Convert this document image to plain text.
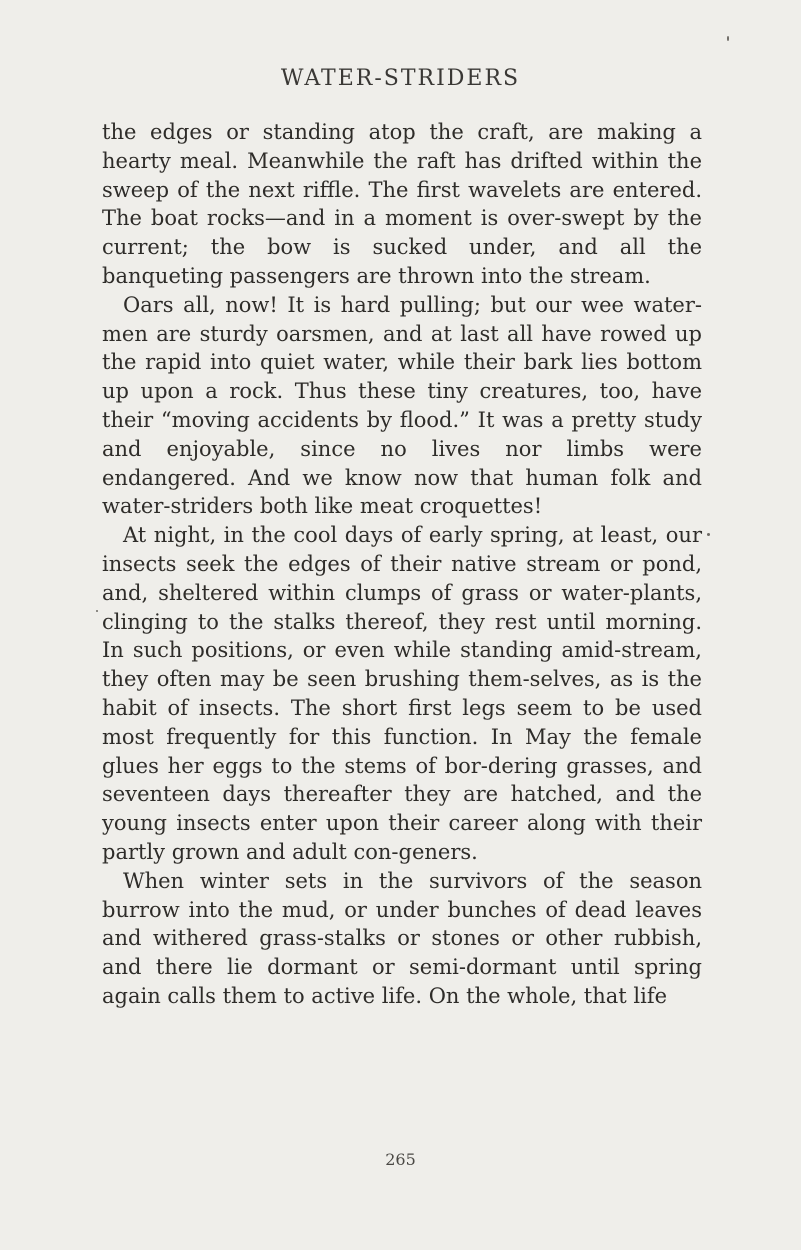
WATER-STRIDERS

the edges or standing atop the craft, are making a hearty meal. Meanwhile the raft has drifted within the sweep of the next riffle. The first wavelets are entered. The boat rocks—and in a moment is over-swept by the current; the bow is sucked under, and all the banqueting passengers are thrown into the stream.

Oars all, now! It is hard pulling; but our wee water-men are sturdy oarsmen, and at last all have rowed up the rapid into quiet water, while their bark lies bottom up upon a rock. Thus these tiny creatures, too, have their “moving accidents by flood.” It was a pretty study and enjoyable, since no lives nor limbs were endangered. And we know now that human folk and water-striders both like meat croquettes!

At night, in the cool days of early spring, at least, our insects seek the edges of their native stream or pond, and, sheltered within clumps of grass or water-plants, clinging to the stalks thereof, they rest until morning. In such positions, or even while standing amid-stream, they often may be seen brushing them-selves, as is the habit of insects. The short first legs seem to be used most frequently for this function. In May the female glues her eggs to the stems of bor-dering grasses, and seventeen days thereafter they are hatched, and the young insects enter upon their career along with their partly grown and adult con-geners.

When winter sets in the survivors of the season burrow into the mud, or under bunches of dead leaves and withered grass-stalks or stones or other rubbish, and there lie dormant or semi-dormant until spring again calls them to active life. On the whole, that life

265
